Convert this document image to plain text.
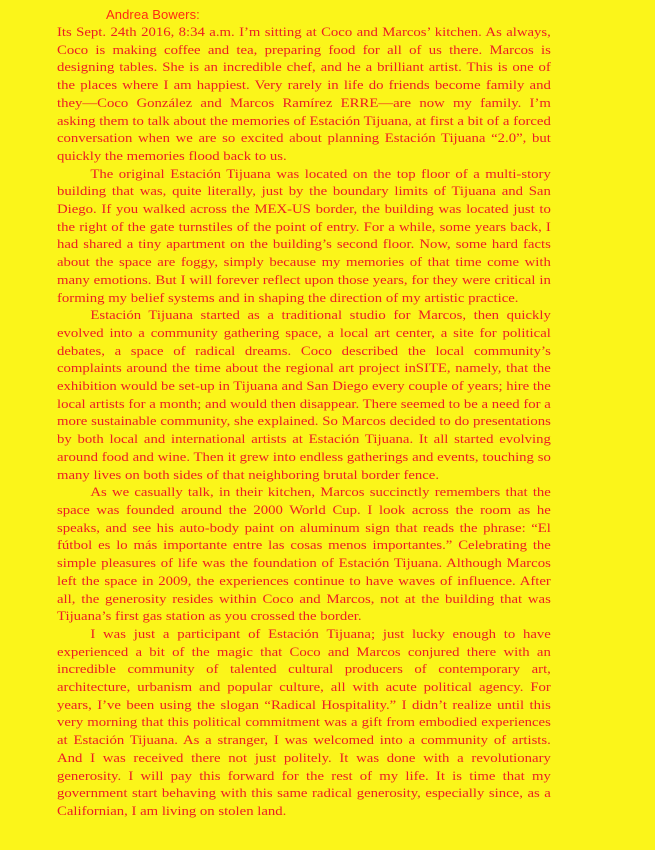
Andrea Bowers:

Its Sept. 24th 2016, 8:34 a.m. I’m sitting at Coco and Marcos’ kitchen. As always, Coco is making coffee and tea, preparing food for all of us there. Marcos is designing tables. She is an incredible chef, and he a brilliant artist. This is one of the places where I am happiest. Very rarely in life do friends become family and they—Coco González and Marcos Ramírez ERRE—are now my family. I’m asking them to talk about the memories of Estación Tijuana, at first a bit of a forced conversation when we are so excited about planning Estación Tijuana “2.0”, but quickly the memories flood back to us.

The original Estación Tijuana was located on the top floor of a multi-story building that was, quite literally, just by the boundary limits of Tijuana and San Diego. If you walked across the MEX-US border, the building was located just to the right of the gate turnstiles of the point of entry. For a while, some years back, I had shared a tiny apartment on the building’s second floor. Now, some hard facts about the space are foggy, simply because my memories of that time come with many emotions. But I will forever reflect upon those years, for they were critical in forming my belief systems and in shaping the direction of my artistic practice.

Estación Tijuana started as a traditional studio for Marcos, then quickly evolved into a community gathering space, a local art center, a site for political debates, a space of radical dreams. Coco described the local community’s complaints around the time about the regional art project inSITE, namely, that the exhibition would be set-up in Tijuana and San Diego every couple of years; hire the local artists for a month; and would then disappear. There seemed to be a need for a more sustainable community, she explained. So Marcos decided to do presentations by both local and international artists at Estación Tijuana. It all started evolving around food and wine. Then it grew into endless gatherings and events, touching so many lives on both sides of that neighboring brutal border fence.

As we casually talk, in their kitchen, Marcos succinctly remembers that the space was founded around the 2000 World Cup. I look across the room as he speaks, and see his auto-body paint on aluminum sign that reads the phrase: “El fútbol es lo más importante entre las cosas menos importantes.” Celebrating the simple pleasures of life was the foundation of Estación Tijuana. Although Marcos left the space in 2009, the experiences continue to have waves of influence. After all, the generosity resides within Coco and Marcos, not at the building that was Tijuana’s first gas station as you crossed the border.

I was just a participant of Estación Tijuana; just lucky enough to have experienced a bit of the magic that Coco and Marcos conjured there with an incredible community of talented cultural producers of contemporary art, architecture, urbanism and popular culture, all with acute political agency. For years, I’ve been using the slogan “Radical Hospitality.” I didn’t realize until this very morning that this political commitment was a gift from embodied experiences at Estación Tijuana. As a stranger, I was welcomed into a community of artists. And I was received there not just politely. It was done with a revolutionary generosity. I will pay this forward for the rest of my life. It is time that my government start behaving with this same radical generosity, especially since, as a Californian, I am living on stolen land.
